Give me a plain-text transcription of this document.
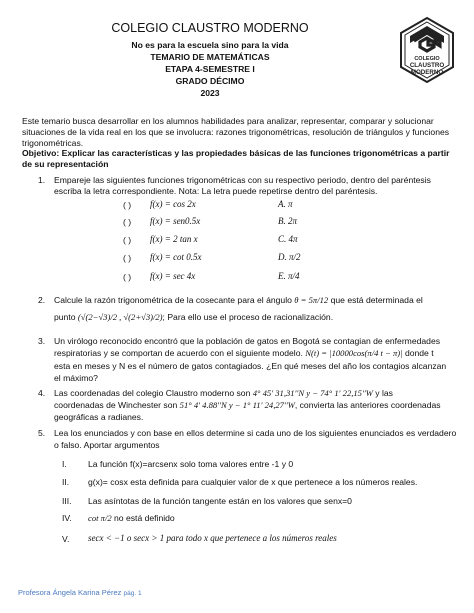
COLEGIO CLAUSTRO MODERNO
No es para la escuela sino para la vida
TEMARIO DE MATEMÁTICAS
ETAPA 4-SEMESTRE I
GRADO DÉCIMO
2023
COLEGIO
CLAUSTRO
MODERNO
Este temario busca desarrollar en los alumnos habilidades para analizar, representar, comparar y solucionar situaciones de la vida real en los que se involucra: razones trigonométricas, resolución de triángulos y funciones trigonométricas.
Objetivo: Explicar las características y las propiedades básicas de las funciones trigonométricas a partir de su representación
1. Empareje las siguientes funciones trigonométricas con su respectivo periodo, dentro del paréntesis escriba la letra correspondiente. Nota: La letra puede repetirse dentro del paréntesis.
( ) f(x) = cos 2x	A. π
( ) f(x) = sen0.5x	B. 2π
( ) f(x) = 2 tan x	C. 4π
( ) f(x) = cot 0.5x	D. π/2
( ) f(x) = sec 4x	E. π/4
2. Calcule la razón trigonométrica de la cosecante para el ángulo θ = 5π/12 que está determinada el
punto (√(2−√3)/2 , √(2+√3)/2); Para ello use el proceso de racionalización.
3. Un virólogo reconocido encontró que la población de gatos en Bogotá se contagian de enfermedades
respiratorias y se comportan de acuerdo con el siguiente modelo. N(t) = |10000cos(π/4 t − π)| donde t
esta en meses y N es el número de gatos contagiados. ¿En qué meses del año los contagios alcanzan
el máximo?
4. Las coordenadas del colegio Claustro moderno son 4° 45′ 31,31′′N y − 74° 1′ 22,15′′W y las
coordenadas de Winchester son 51° 4′ 4.88′′N y − 1° 11′ 24,27′′W, convierta las anteriores coordenadas
geográficas a radianes.
5. Lea los enunciados y con base en ellos determine si cada uno de los siguientes enunciados es verdadero
o falso. Aportar argumentos
I. La función f(x)=arcsenx solo toma valores entre -1 y 0
II. g(x)= cosx esta definida para cualquier valor de x que pertenece a los números reales.
III. Las asíntotas de la función tangente están en los valores que senx=0
IV. cot π/2 no está definido
V. secx < −1 o secx > 1 para todo x que pertenece a los números reales
Profesora Ángela Karina Pérez pág. 1
